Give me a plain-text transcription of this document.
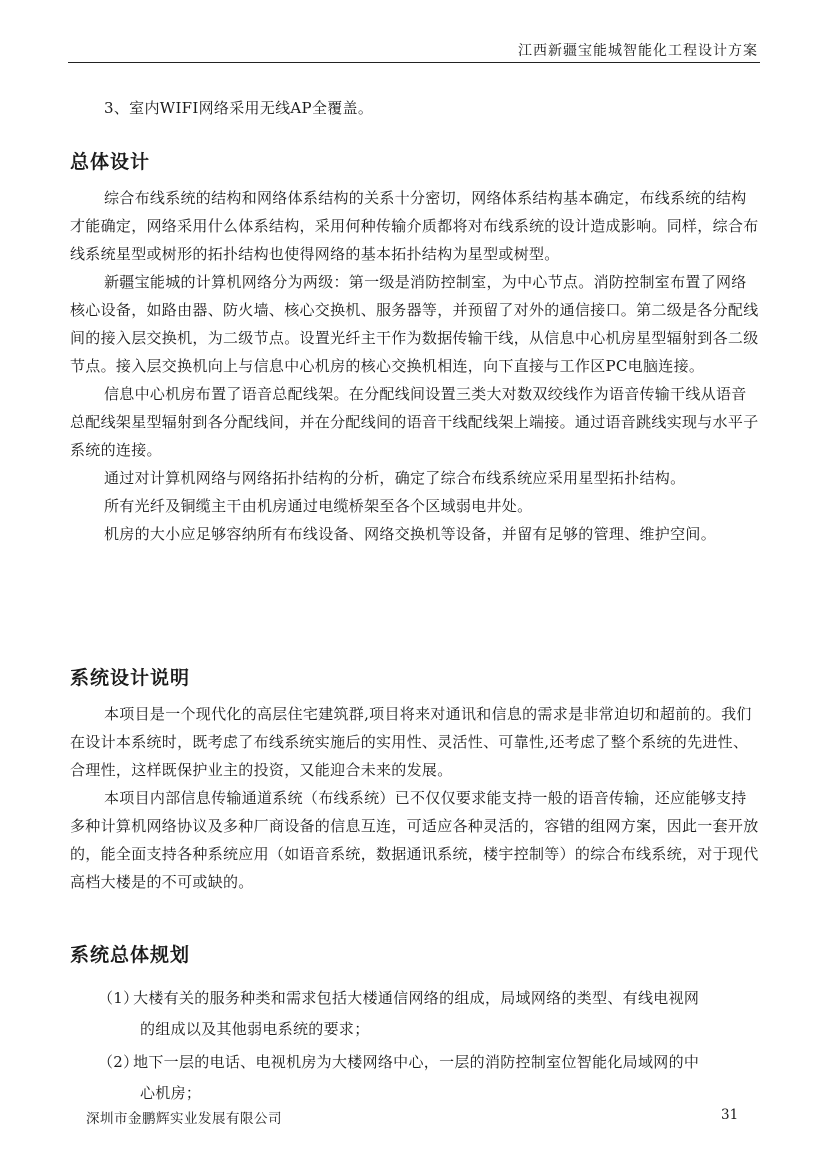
江西新疆宝能城智能化工程设计方案

3、室内WIFI网络采用无线AP全覆盖。

总体设计

综合布线系统的结构和网络体系结构的关系十分密切，网络体系结构基本确定，布线系统的结构才能确定，网络采用什么体系结构，采用何种传输介质都将对布线系统的设计造成影响。同样，综合布线系统星型或树形的拓扑结构也使得网络的基本拓扑结构为星型或树型。

新疆宝能城的计算机网络分为两级：第一级是消防控制室，为中心节点。消防控制室布置了网络核心设备，如路由器、防火墙、核心交换机、服务器等，并预留了对外的通信接口。第二级是各分配线间的接入层交换机，为二级节点。设置光纤主干作为数据传输干线，从信息中心机房星型辐射到各二级节点。接入层交换机向上与信息中心机房的核心交换机相连，向下直接与工作区PC电脑连接。

信息中心机房布置了语音总配线架。在分配线间设置三类大对数双绞线作为语音传输干线从语音总配线架星型辐射到各分配线间，并在分配线间的语音干线配线架上端接。通过语音跳线实现与水平子系统的连接。

通过对计算机网络与网络拓扑结构的分析，确定了综合布线系统应采用星型拓扑结构。

所有光纤及铜缆主干由机房通过电缆桥架至各个区域弱电井处。

机房的大小应足够容纳所有布线设备、网络交换机等设备，并留有足够的管理、维护空间。

系统设计说明

本项目是一个现代化的高层住宅建筑群,项目将来对通讯和信息的需求是非常迫切和超前的。我们在设计本系统时，既考虑了布线系统实施后的实用性、灵活性、可靠性,还考虑了整个系统的先进性、合理性，这样既保护业主的投资，又能迎合未来的发展。

本项目内部信息传输通道系统（布线系统）已不仅仅要求能支持一般的语音传输，还应能够支持多种计算机网络协议及多种厂商设备的信息互连，可适应各种灵活的，容错的组网方案，因此一套开放的，能全面支持各种系统应用（如语音系统，数据通讯系统，楼宇控制等）的综合布线系统，对于现代高档大楼是的不可或缺的。

系统总体规划
（1） 大楼有关的服务种类和需求包括大楼通信网络的组成，局域网络的类型、有线电视网
的组成以及其他弱电系统的要求；
（2） 地下一层的电话、电视机房为大楼网络中心，一层的消防控制室位智能化局域网的中
心机房；
深圳市金鹏辉实业发展有限公司	31
